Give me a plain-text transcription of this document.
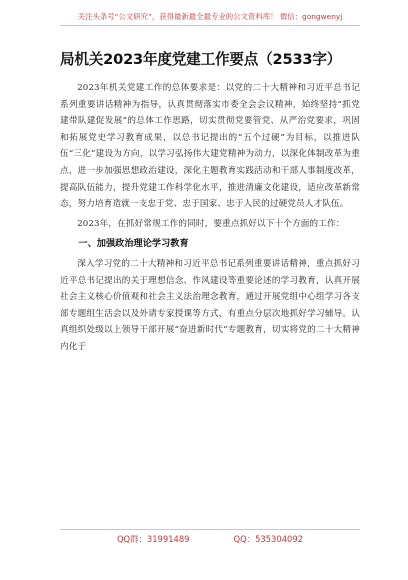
关注头条号“公文研究”，获得最新最全最专业的公文资料库！ 微信：gongwenyj
局机关2023年度党建工作要点（2533字）

2023年机关党建工作的总体要求是：以党的二十大精神和习近平总书记系列重要讲话精神为指导，认真贯彻落实市委全会会议精神，始终坚持“抓党建带队建促发展”的总体工作思路，切实贯彻党要管党、从严治党要求，巩固和拓展党史学习教育成果，以总书记提出的“五个过硬”为目标，以推进队伍“三化”建设为方向，以学习弘扬伟大建党精神为动力，以深化体制改革为重点，进一步加强思想政治建设，深化主题教育实践活动和干部人事制度改革，提高队伍能力，提升党建工作科学化水平，推进清廉文化建设，适应改革新常态，努力培育造就一支忠于党、忠于国家、忠于人民的过硬党员人才队伍。

2023年，在抓好常规工作的同时，要重点抓好以下十个方面的工作：

一、加强政治理论学习教育

深入学习党的二十大精神和习近平总书记系列重要讲话精神，重点抓好习近平总书记提出的关于理想信念、作风建设等重要论述的学习教育，认真开展社会主义核心价值观和社会主义法治理念教育，通过开展党组中心组学习各支部专题组生活会以及外请专家授课等方式，有重点分层次地抓好学习辅导。认真组织处级以上领导干部开展“奋进新时代”专题教育，切实将党的二十大精神内化于

QQ群：31991489	QQ：535304092
